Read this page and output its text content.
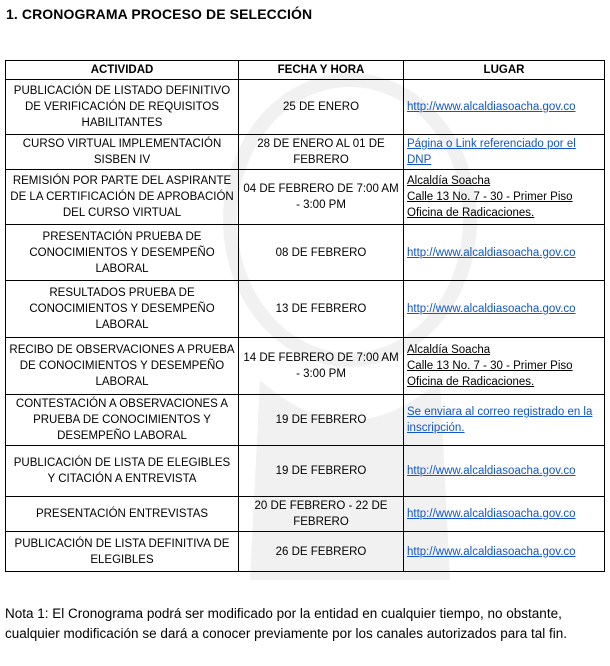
1. CRONOGRAMA PROCESO DE SELECCIÓN
ACTIVIDAD	FECHA Y HORA	LUGAR
PUBLICACIÓN DE LISTADO DEFINITIVO DE VERIFICACIÓN DE REQUISITOS HABILITANTES	25 DE ENERO	http://www.alcaldiasoacha.gov.co
CURSO VIRTUAL IMPLEMENTACIÓN SISBEN IV	28 DE ENERO AL 01 DE FEBRERO	Página o Link referenciado por el DNP
REMISIÓN POR PARTE DEL ASPIRANTE DE LA CERTIFICACIÓN DE APROBACIÓN DEL CURSO VIRTUAL	04 DE FEBRERO DE 7:00 AM - 3:00 PM	Alcaldía Soacha
Calle 13 No. 7 - 30 - Primer Piso
Oficina de Radicaciones.

PRESENTACIÓN PRUEBA DE CONOCIMIENTOS Y DESEMPEÑO LABORAL	08 DE FEBRERO	http://www.alcaldiasoacha.gov.co
RESULTADOS PRUEBA DE CONOCIMIENTOS Y DESEMPEÑO LABORAL	13 DE FEBRERO	http://www.alcaldiasoacha.gov.co
RECIBO DE OBSERVACIONES A PRUEBA DE CONOCIMIENTOS Y DESEMPEÑO LABORAL	14 DE FEBRERO DE 7:00 AM - 3:00 PM	Alcaldía Soacha
Calle 13 No. 7 - 30 - Primer Piso
Oficina de Radicaciones.

CONTESTACIÓN A OBSERVACIONES A PRUEBA DE CONOCIMIENTOS Y DESEMPEÑO LABORAL	19 DE FEBRERO	Se enviara al correo registrado en la inscripción.
PUBLICACIÓN DE LISTA DE ELEGIBLES Y CITACIÓN A ENTREVISTA	19 DE FEBRERO	http://www.alcaldiasoacha.gov.co
PRESENTACIÓN ENTREVISTAS	20 DE FEBRERO - 22 DE FEBRERO	http://www.alcaldiasoacha.gov.co
PUBLICACIÓN DE LISTA DEFINITIVA DE ELEGIBLES	26 DE FEBRERO	http://www.alcaldiasoacha.gov.co

Nota 1: El Cronograma podrá ser modificado por la entidad en cualquier tiempo, no obstante, cualquier modificación se dará a conocer previamente por los canales autorizados para tal fin.
